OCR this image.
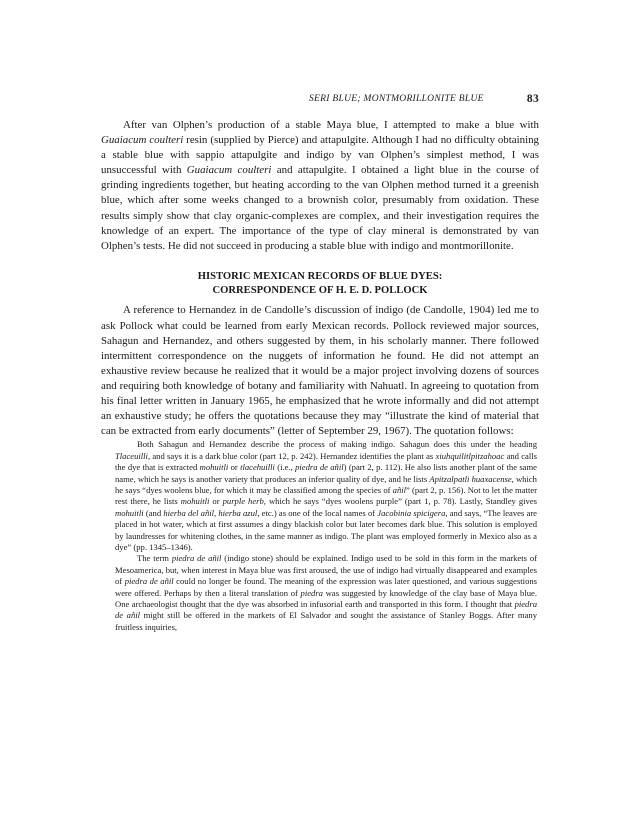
SERI BLUE; MONTMORILLONITE BLUE	83

After van Olphen’s production of a stable Maya blue, I attempted to make a blue with Guaiacum coulteri resin (supplied by Pierce) and attapulgite. Although I had no difficulty obtaining a stable blue with sappio attapulgite and indigo by van Olphen’s simplest method, I was unsuccessful with Guaiacum coulteri and attapulgite. I obtained a light blue in the course of grinding ingredients together, but heating according to the van Olphen method turned it a greenish blue, which after some weeks changed to a brownish color, presumably from oxidation. These results simply show that clay organic-complexes are complex, and their investigation requires the knowledge of an expert. The importance of the type of clay mineral is demonstrated by van Olphen’s tests. He did not succeed in producing a stable blue with indigo and montmorillonite.

HISTORIC MEXICAN RECORDS OF BLUE DYES:
CORRESPONDENCE OF H. E. D. POLLOCK

A reference to Hernandez in de Candolle’s discussion of indigo (de Candolle, 1904) led me to ask Pollock what could be learned from early Mexican records. Pollock reviewed major sources, Sahagun and Hernandez, and others suggested by them, in his scholarly manner. There followed intermittent correspondence on the nuggets of information he found. He did not attempt an exhaustive review because he realized that it would be a major project involving dozens of sources and requiring both knowledge of botany and familiarity with Nahuatl. In agreeing to quotation from his final letter written in January 1965, he emphasized that he wrote informally and did not attempt an exhaustive study; he offers the quotations because they may “illustrate the kind of material that can be extracted from early documents” (letter of September 29, 1967). The quotation follows:

Both Sahagun and Hernandez describe the process of making indigo. Sahagun does this under the heading Tlaceuilli, and says it is a dark blue color (part 12, p. 242). Hernandez identifies the plant as xiuhquilitlpitzahoac and calls the dye that is extracted mohuitli or tlacehuilli (i.e., piedra de añil) (part 2, p. 112). He also lists another plant of the same name, which he says is another variety that produces an inferior quality of dye, and he lists Apitzalpatli huaxacense, which he says “dyes woolens blue, for which it may be classified among the species of añil” (part 2, p. 156). Not to let the matter rest there, he lists mohuitli or purple herb, which he says “dyes woolens purple” (part 1, p. 78). Lastly, Standley gives mohuitli (and hierba del añil, hierba azul, etc.) as one of the local names of Jacobinia spicigera, and says, “The leaves are placed in hot water, which at first assumes a dingy blackish color but later becomes dark blue. This solution is employed by laundresses for whitening clothes, in the same manner as indigo. The plant was employed formerly in Mexico also as a dye” (pp. 1345–1346).

The term piedra de añil (indigo stone) should be explained. Indigo used to be sold in this form in the markets of Mesoamerica, but, when interest in Maya blue was first aroused, the use of indigo had virtually disappeared and examples of piedra de añil could no longer be found. The meaning of the expression was later questioned, and various suggestions were offered. Perhaps by then a literal translation of piedra was suggested by knowledge of the clay base of Maya blue. One archaeologist thought that the dye was absorbed in infusorial earth and transported in this form. I thought that piedra de añil might still be offered in the markets of El Salvador and sought the assistance of Stanley Boggs. After many fruitless inquiries,
